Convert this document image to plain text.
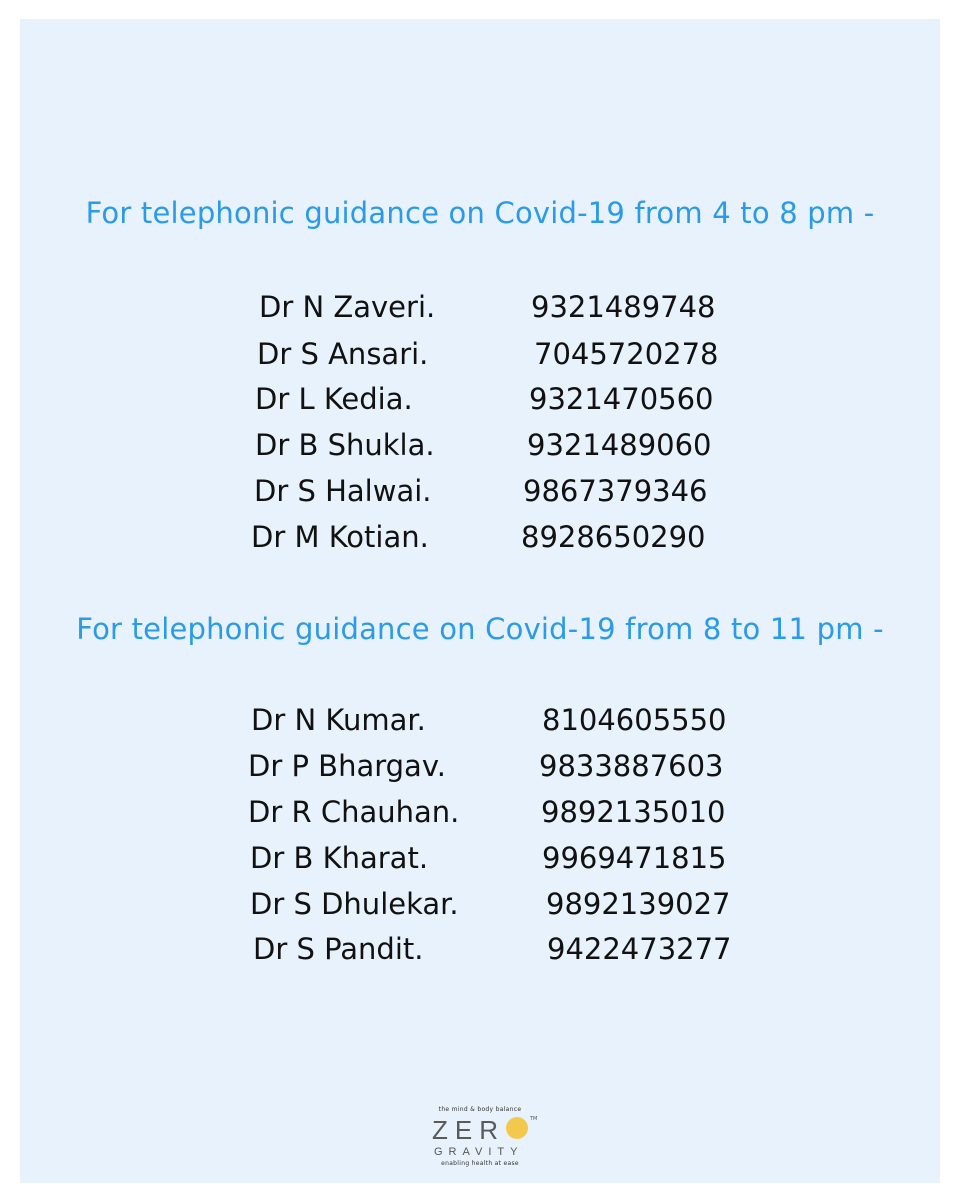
For telephonic guidance on Covid-19 from 4 to 8 pm -
Dr N Zaveri.	9321489748
Dr S Ansari.	7045720278
Dr L Kedia.	9321470560
Dr B Shukla.	9321489060
Dr S Halwai.	9867379346
Dr M Kotian.	8928650290
For telephonic guidance on Covid-19 from 8 to 11 pm -
Dr N Kumar.	8104605550
Dr P Bhargav.	9833887603
Dr R Chauhan.	9892135010
Dr B Kharat.	9969471815
Dr S Dhulekar.	9892139027
Dr S Pandit.	9422473277
the mind & body balance
ZER	TM
GRAVITY
enabling health at ease
